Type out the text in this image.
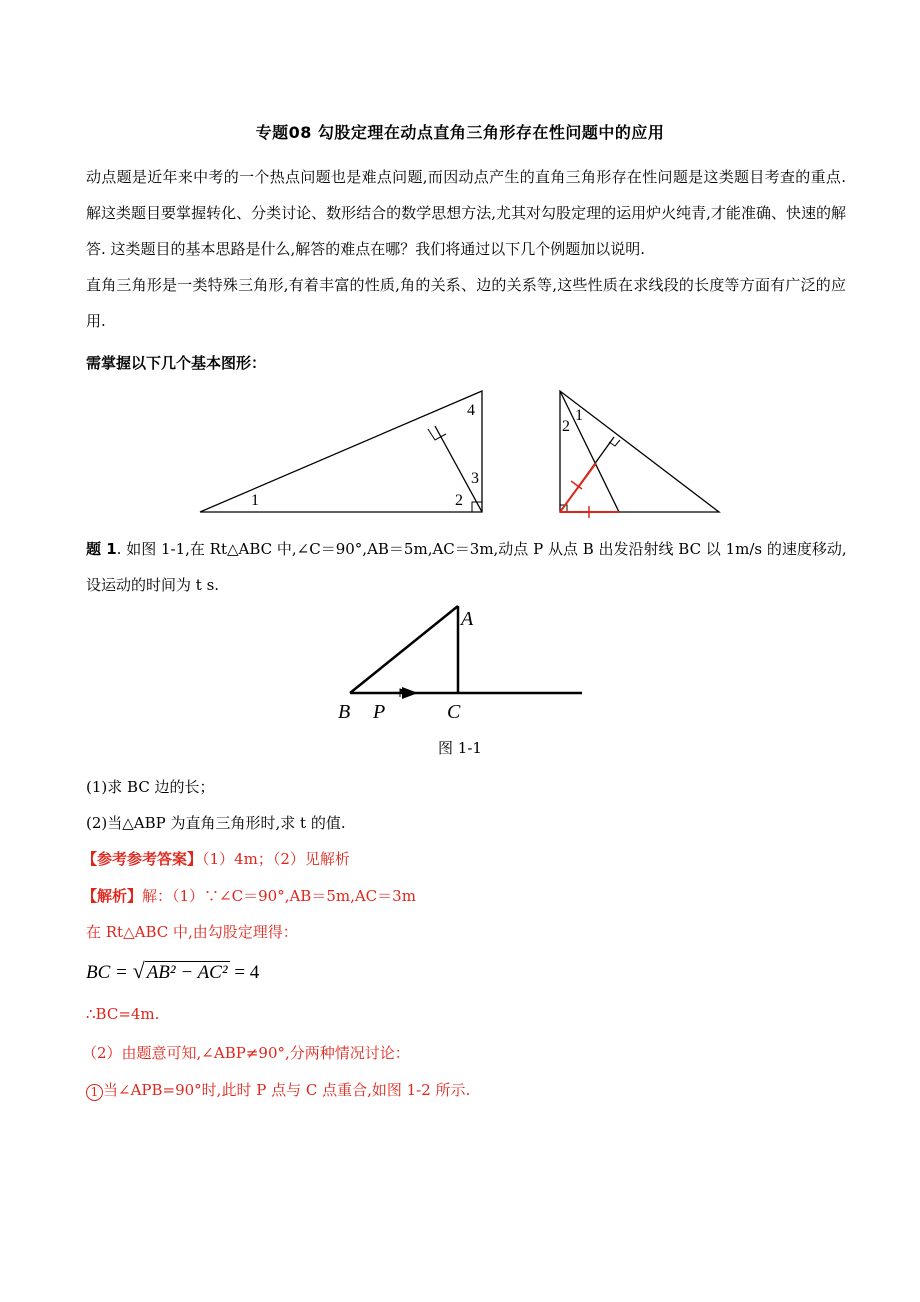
专题08 勾股定理在动点直角三角形存在性问题中的应用
动点题是近年来中考的一个热点问题也是难点问题,而因动点产生的直角三角形存在性问题是这类题目考查的重点. 解这类题目要掌握转化、分类讨论、数形结合的数学思想方法,尤其对勾股定理的运用炉火纯青,才能准确、快速的解答. 这类题目的基本思路是什么,解答的难点在哪？我们将通过以下几个例题加以说明.
直角三角形是一类特殊三角形,有着丰富的性质,角的关系、边的关系等,这些性质在求线段的长度等方面有广泛的应用.
需掌握以下几个基本图形：
1	2
3
4	1
2
题 1. 如图 1-1,在 Rt△ABC 中,∠C＝90°,AB＝5m,AC＝3m,动点 P 从点 B 出发沿射线 BC 以 1m/s 的速度移动,
设运动的时间为 t s.
A
B P	C
图 1-1
(1)求 BC 边的长；
(2)当△ABP 为直角三角形时,求 t 的值.
【参考参考答案】（1）4m；（2）见解析
【解析】解：（1）∵∠C＝90°,AB＝5m,AC＝3m
在 Rt△ABC 中,由勾股定理得：
BC = √ AB² − AC² = 4
∴BC=4m.
（2）由题意可知,∠ABP≠90°,分两种情况讨论：
1 当∠APB=90°时,此时 P 点与 C 点重合,如图 1-2 所示.
